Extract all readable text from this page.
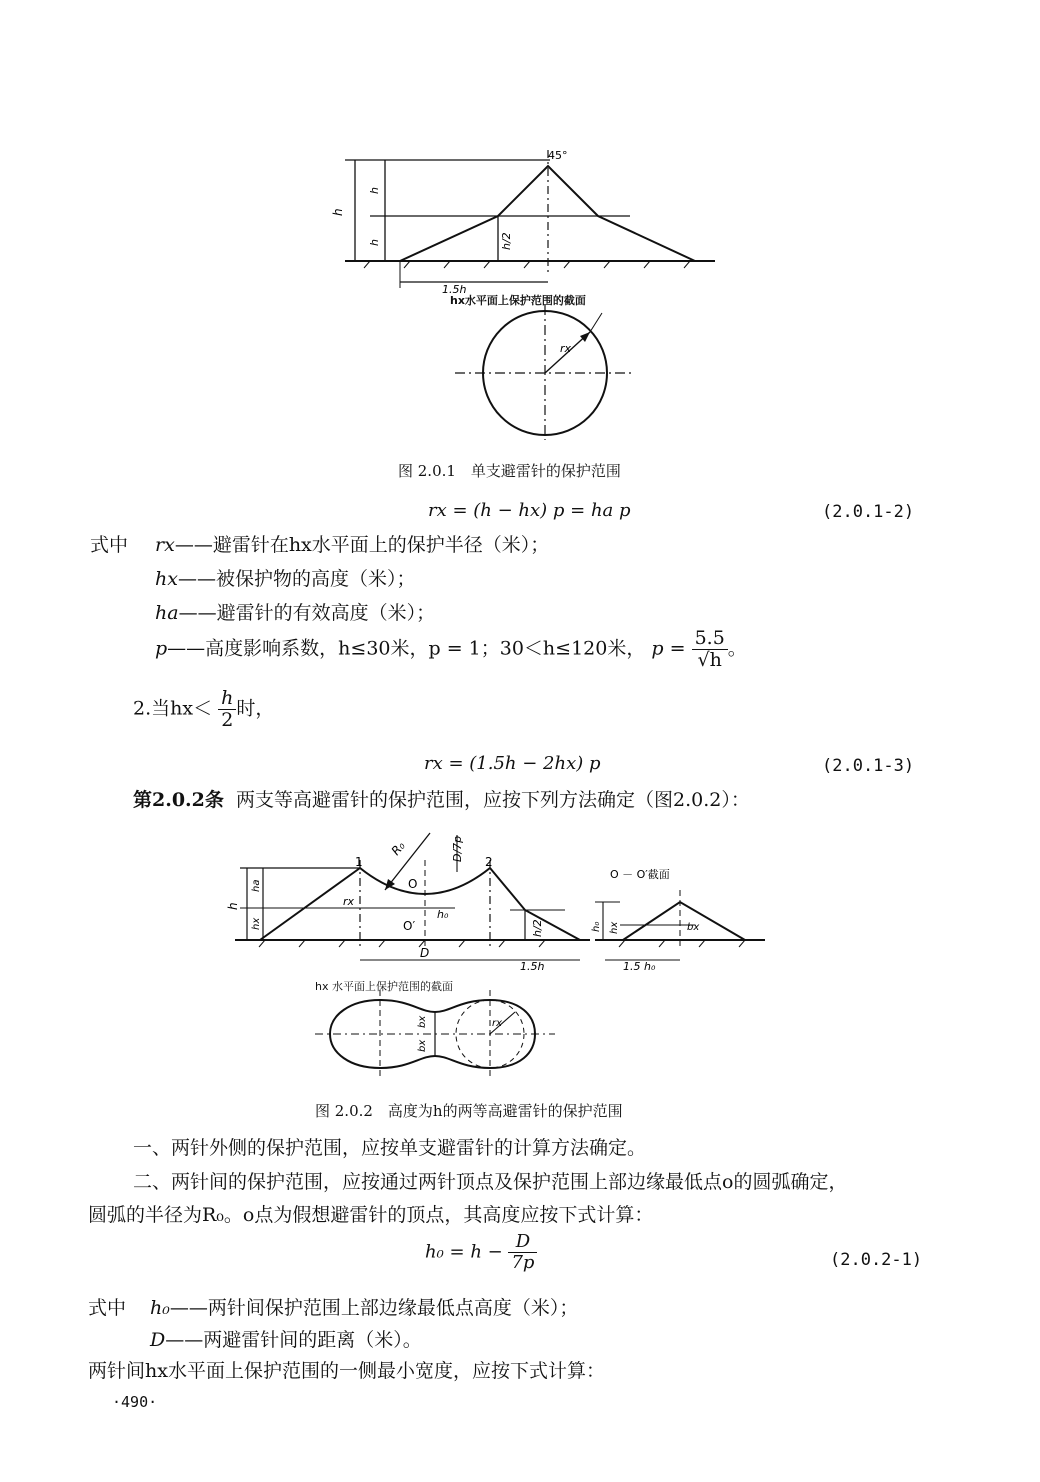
45°
h
h
h	h/2
1.5h
hx水平面上保护范围的截面
rx
图 2.0.1　单支避雷针的保护范围
rx = (h − hx) p = ha p	(2.0.1-2)
式中 rx——避雷针在hx水平面上的保护半径（米）；
hx——被保护物的高度（米）；
ha——避雷针的有效高度（米）；
p——高度影响系数，h≤30米，p = 1；30＜h≤120米， $p = \frac{5.5}{√h}$ 。
2.当$hx< \frac{h}{2}$ 时，
rx = (1.5h − 2hx) p	(2.0.1-3)
第2.0.2条 两支等高避雷针的保护范围，应按下列方法确定（图2.0.2）：
1	2
R₀	D/7p
O
O′
h
ha
hx
rx
h₀
h/2
D
1.5h
O － O′截面
h₀ hx	bx
1.5 h₀
hx 水平面上保护范围的截面
bx
bx
rx
图 2.0.2　高度为h的两等高避雷针的保护范围
一、两针外侧的保护范围，应按单支避雷针的计算方法确定。
二、两针间的保护范围，应按通过两针顶点及保护范围上部边缘最低点o的圆弧确定，
圆弧的半径为R₀。o点为假想避雷针的顶点，其高度应按下式计算：
$h_0 = h - \frac{D}{7p}$	(2.0.2-1)
式中 h₀——两针间保护范围上部边缘最低点高度（米）；
D——两避雷针间的距离（米）。
两针间hx水平面上保护范围的一侧最小宽度，应按下式计算：
·490·
